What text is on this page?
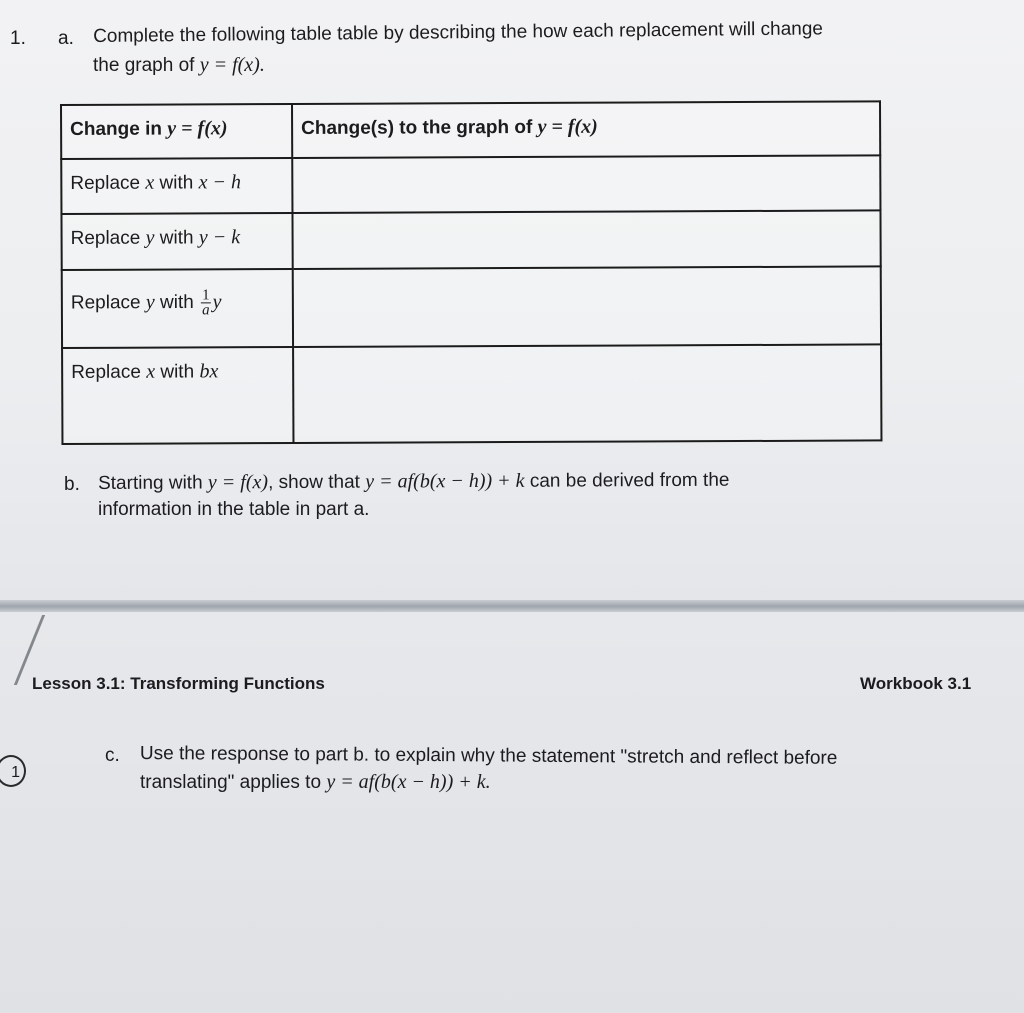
1. a. Complete the following table table by describing the how each replacement will change
the graph of y = f(x).
Change in y = f(x)	Change(s) to the graph of y = f(x)
Replace x with x − h	
Replace y with y − k	
Replace y with $\frac{1}{a}$ y	
Replace x with bx	
b. Starting with y = f(x), show that y = af(b(x − h)) + k can be derived from the
information in the table in part a.
Lesson 3.1: Transforming Functions	Workbook 3.1
1
c. Use the response to part b. to explain why the statement "stretch and reflect before
translating" applies to y = af(b(x − h)) + k.
